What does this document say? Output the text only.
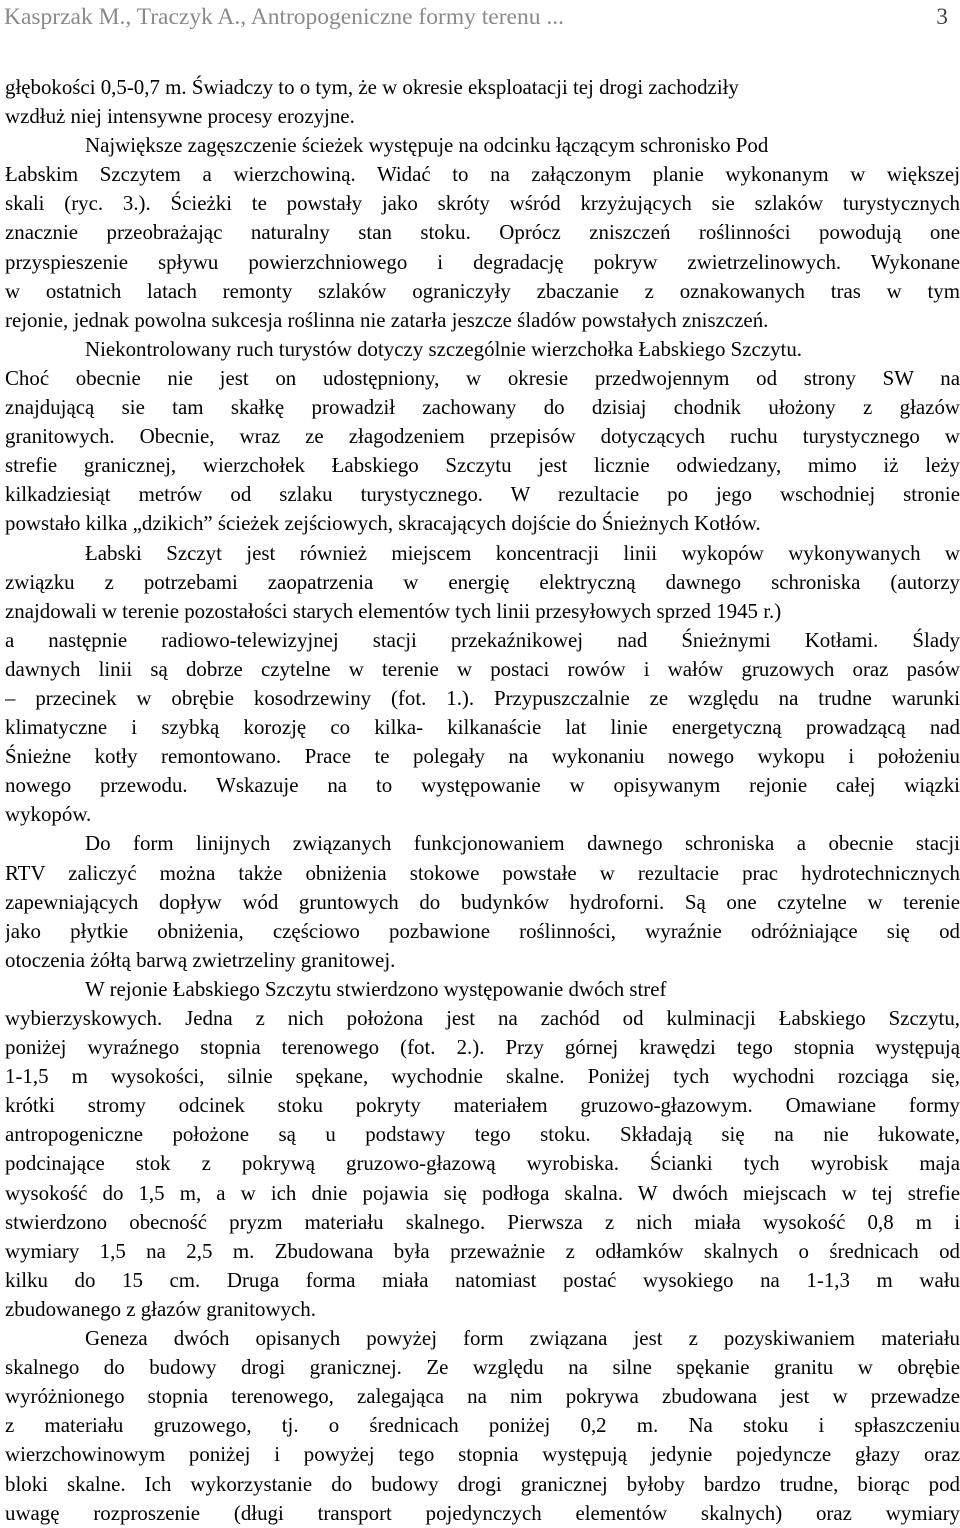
Kasprzak M., Traczyk A., Antropogeniczne formy terenu ...	3
głębokości 0,5-0,7 m. Świadczy to o tym, że w okresie eksploatacji tej drogi zachodziły
wzdłuż niej intensywne procesy erozyjne.
Największe zagęszczenie ścieżek występuje na odcinku łączącym schronisko Pod
Łabskim Szczytem a wierzchowiną. Widać to na załączonym planie wykonanym w większej
skali (ryc. 3.). Ścieżki te powstały jako skróty wśród krzyżujących sie szlaków turystycznych
znacznie przeobrażając naturalny stan stoku. Oprócz zniszczeń roślinności powodują one
przyspieszenie spływu powierzchniowego i degradację pokryw zwietrzelinowych. Wykonane
w ostatnich latach remonty szlaków ograniczyły zbaczanie z oznakowanych tras w tym
rejonie, jednak powolna sukcesja roślinna nie zatarła jeszcze śladów powstałych zniszczeń.
Niekontrolowany ruch turystów dotyczy szczególnie wierzchołka Łabskiego Szczytu.
Choć obecnie nie jest on udostępniony, w okresie przedwojennym od strony SW na
znajdującą sie tam skałkę prowadził zachowany do dzisiaj chodnik ułożony z głazów
granitowych. Obecnie, wraz ze złagodzeniem przepisów dotyczących ruchu turystycznego w
strefie granicznej, wierzchołek Łabskiego Szczytu jest licznie odwiedzany, mimo iż leży
kilkadziesiąt metrów od szlaku turystycznego. W rezultacie po jego wschodniej stronie
powstało kilka „dzikich” ścieżek zejściowych, skracających dojście do Śnieżnych Kotłów.
Łabski Szczyt jest również miejscem koncentracji linii wykopów wykonywanych w
związku z potrzebami zaopatrzenia w energię elektryczną dawnego schroniska (autorzy
znajdowali w terenie pozostałości starych elementów tych linii przesyłowych sprzed 1945 r.)
a następnie radiowo-telewizyjnej stacji przekaźnikowej nad Śnieżnymi Kotłami. Ślady
dawnych linii są dobrze czytelne w terenie w postaci rowów i wałów gruzowych oraz pasów
– przecinek w obrębie kosodrzewiny (fot. 1.). Przypuszczalnie ze względu na trudne warunki
klimatyczne i szybką korozję co kilka- kilkanaście lat linie energetyczną prowadzącą nad
Śnieżne kotły remontowano. Prace te polegały na wykonaniu nowego wykopu i położeniu
nowego przewodu. Wskazuje na to występowanie w opisywanym rejonie całej wiązki
wykopów.
Do form linijnych związanych funkcjonowaniem dawnego schroniska a obecnie stacji
RTV zaliczyć można także obniżenia stokowe powstałe w rezultacie prac hydrotechnicznych
zapewniających dopływ wód gruntowych do budynków hydroforni. Są one czytelne w terenie
jako płytkie obniżenia, częściowo pozbawione roślinności, wyraźnie odróżniające się od
otoczenia żółtą barwą zwietrzeliny granitowej.
W rejonie Łabskiego Szczytu stwierdzono występowanie dwóch stref
wybierzyskowych. Jedna z nich położona jest na zachód od kulminacji Łabskiego Szczytu,
poniżej wyraźnego stopnia terenowego (fot. 2.). Przy górnej krawędzi tego stopnia występują
1-1,5 m wysokości, silnie spękane, wychodnie skalne. Poniżej tych wychodni rozciąga się,
krótki stromy odcinek stoku pokryty materiałem gruzowo-głazowym. Omawiane formy
antropogeniczne położone są u podstawy tego stoku. Składają się na nie łukowate,
podcinające stok z pokrywą gruzowo-głazową wyrobiska. Ścianki tych wyrobisk maja
wysokość do 1,5 m, a w ich dnie pojawia się podłoga skalna. W dwóch miejscach w tej strefie
stwierdzono obecność pryzm materiału skalnego. Pierwsza z nich miała wysokość 0,8 m i
wymiary 1,5 na 2,5 m. Zbudowana była przeważnie z odłamków skalnych o średnicach od
kilku do 15 cm. Druga forma miała natomiast postać wysokiego na 1-1,3 m wału
zbudowanego z głazów granitowych.
Geneza dwóch opisanych powyżej form związana jest z pozyskiwaniem materiału
skalnego do budowy drogi granicznej. Ze względu na silne spękanie granitu w obrębie
wyróżnionego stopnia terenowego, zalegająca na nim pokrywa zbudowana jest w przewadze
z materiału gruzowego, tj. o średnicach poniżej 0,2 m. Na stoku i spłaszczeniu
wierzchowinowym poniżej i powyżej tego stopnia występują jedynie pojedyncze głazy oraz
bloki skalne. Ich wykorzystanie do budowy drogi granicznej byłoby bardzo trudne, biorąc pod
uwagę rozproszenie (długi transport pojedynczych elementów skalnych) oraz wymiary
